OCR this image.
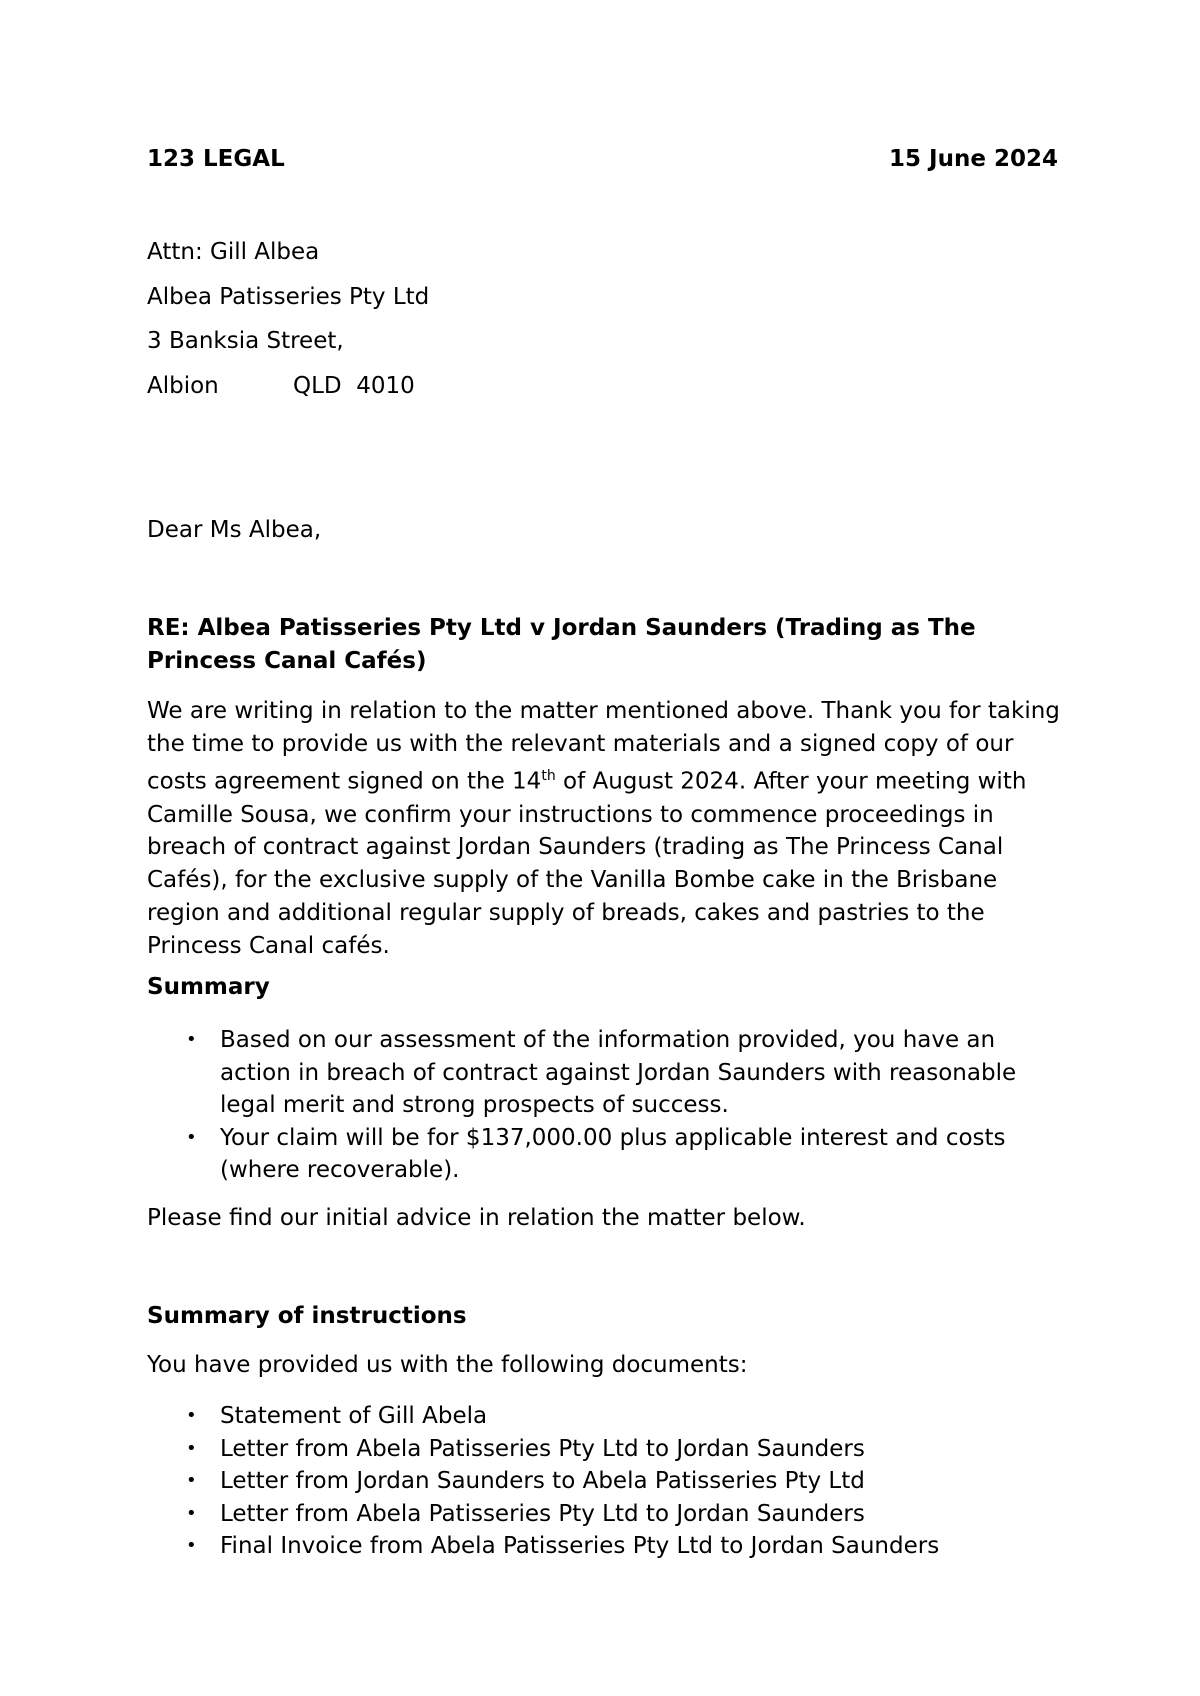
123 LEGAL	15 June 2024
Attn: Gill Albea
Albea Patisseries Pty Ltd
3 Banksia Street,
Albion	QLD  4010
Dear Ms Albea,
RE: Albea Patisseries Pty Ltd v Jordan Saunders (Trading as The Princess Canal Cafés)
We are writing in relation to the matter mentioned above. Thank you for taking the time to provide us with the relevant materials and a signed copy of our costs agreement signed on the 14th of August 2024. After your meeting with Camille Sousa, we confirm your instructions to commence proceedings in breach of contract against Jordan Saunders (trading as The Princess Canal Cafés), for the exclusive supply of the Vanilla Bombe cake in the Brisbane region and additional regular supply of breads, cakes and pastries to the Princess Canal cafés.
Summary
• Based on our assessment of the information provided, you have an action in breach of contract against Jordan Saunders with reasonable legal merit and strong prospects of success.
• Your claim will be for $137,000.00 plus applicable interest and costs (where recoverable).
Please find our initial advice in relation the matter below.
Summary of instructions
You have provided us with the following documents:
• Statement of Gill Abela
• Letter from Abela Patisseries Pty Ltd to Jordan Saunders
• Letter from Jordan Saunders to Abela Patisseries Pty Ltd
• Letter from Abela Patisseries Pty Ltd to Jordan Saunders
• Final Invoice from Abela Patisseries Pty Ltd to Jordan Saunders
